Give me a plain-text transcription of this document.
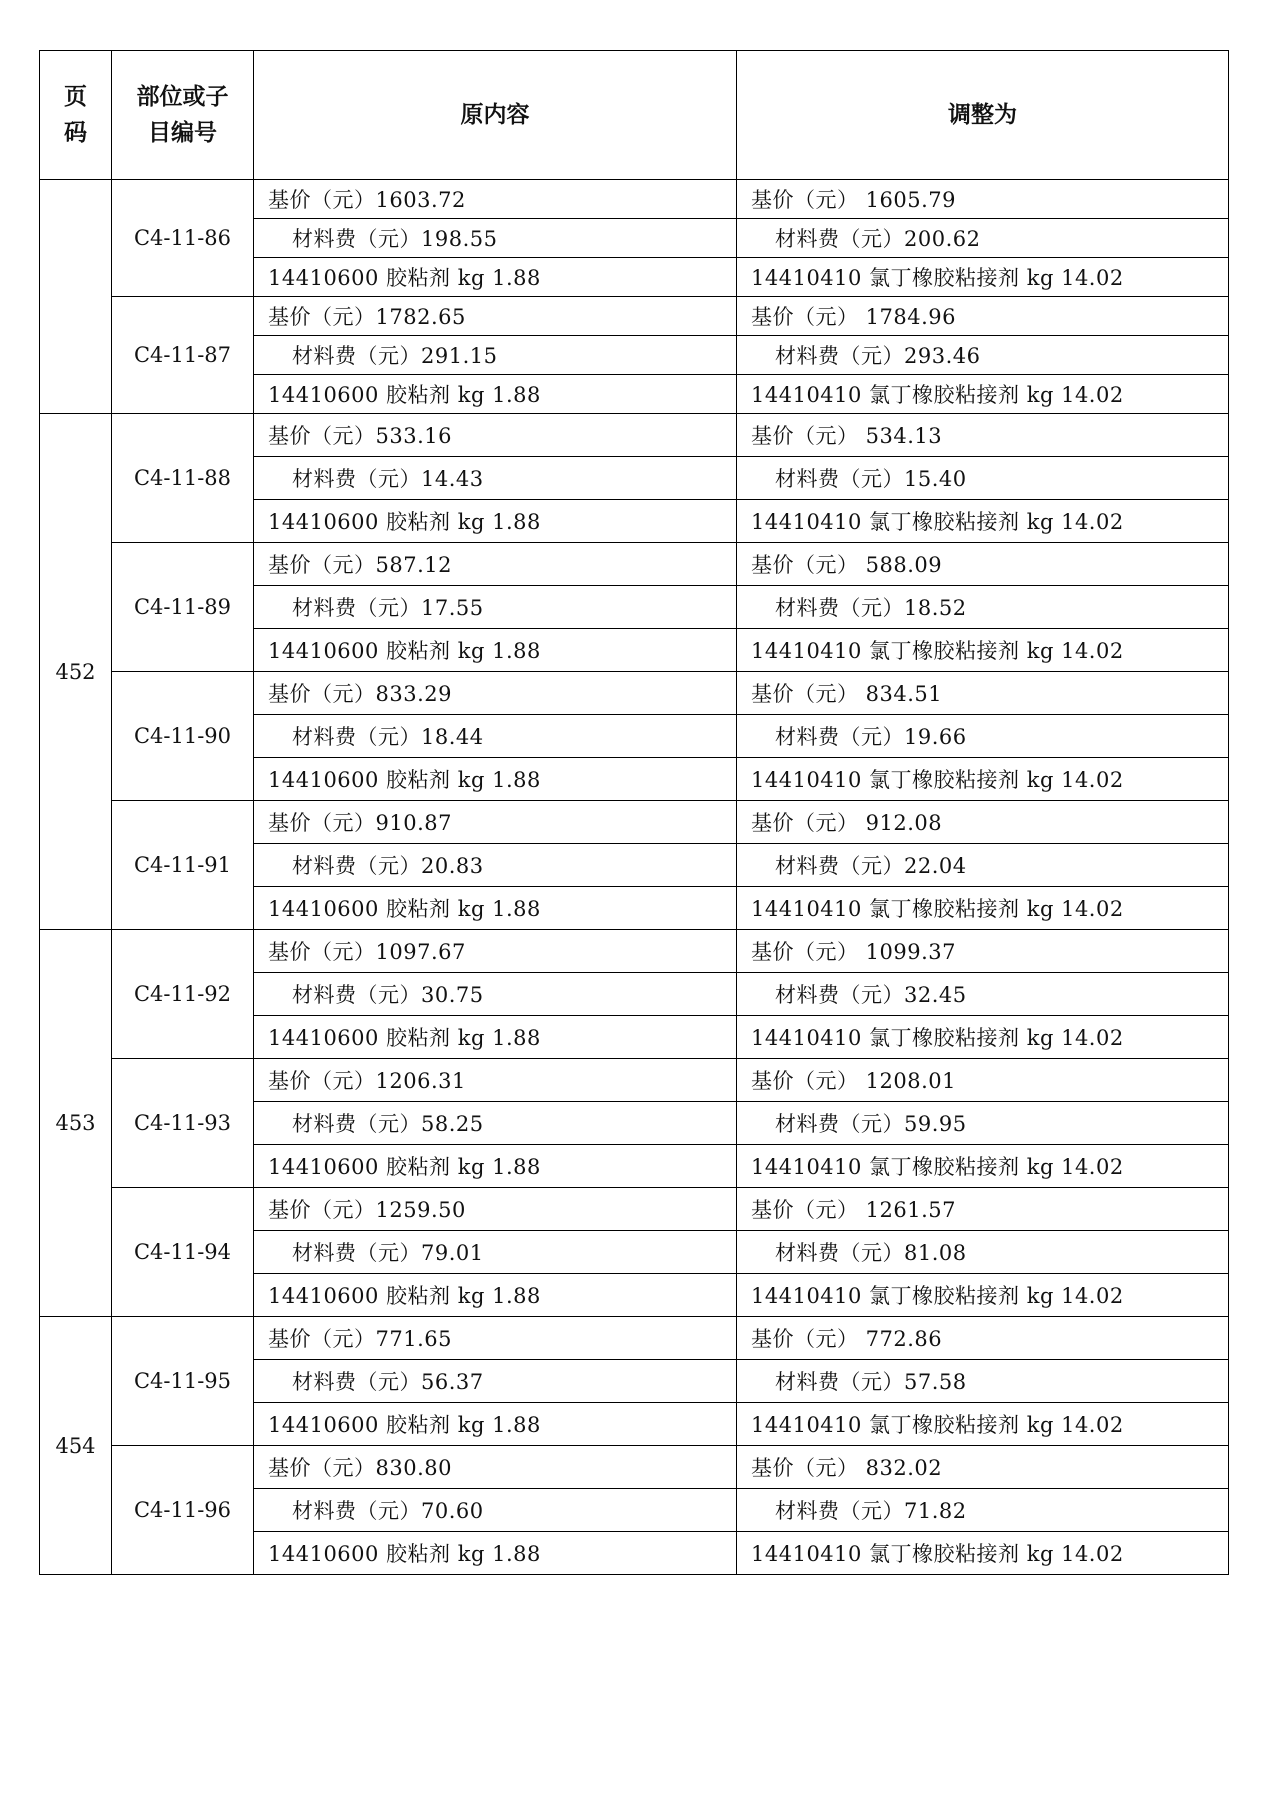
页码	部位或子目编号	原内容	调整为
	C4-11-86	基价（元）1603.72	基价（元） 1605.79
		材料费（元）198.55	材料费（元）200.62
		14410600 胶粘剂 kg 1.88	14410410 氯丁橡胶粘接剂 kg 14.02
	C4-11-87	基价（元）1782.65	基价（元） 1784.96
		材料费（元）291.15	材料费（元）293.46
		14410600 胶粘剂 kg 1.88	14410410 氯丁橡胶粘接剂 kg 14.02
452	C4-11-88	基价（元）533.16	基价（元） 534.13
		材料费（元）14.43	材料费（元）15.40
		14410600 胶粘剂 kg 1.88	14410410 氯丁橡胶粘接剂 kg 14.02
	C4-11-89	基价（元）587.12	基价（元） 588.09
		材料费（元）17.55	材料费（元）18.52
		14410600 胶粘剂 kg 1.88	14410410 氯丁橡胶粘接剂 kg 14.02
	C4-11-90	基价（元）833.29	基价（元） 834.51
		材料费（元）18.44	材料费（元）19.66
		14410600 胶粘剂 kg 1.88	14410410 氯丁橡胶粘接剂 kg 14.02
	C4-11-91	基价（元）910.87	基价（元） 912.08
		材料费（元）20.83	材料费（元）22.04
		14410600 胶粘剂 kg 1.88	14410410 氯丁橡胶粘接剂 kg 14.02
453	C4-11-92	基价（元）1097.67	基价（元） 1099.37
		材料费（元）30.75	材料费（元）32.45
		14410600 胶粘剂 kg 1.88	14410410 氯丁橡胶粘接剂 kg 14.02
	C4-11-93	基价（元）1206.31	基价（元） 1208.01
		材料费（元）58.25	材料费（元）59.95
		14410600 胶粘剂 kg 1.88	14410410 氯丁橡胶粘接剂 kg 14.02
	C4-11-94	基价（元）1259.50	基价（元） 1261.57
		材料费（元）79.01	材料费（元）81.08
		14410600 胶粘剂 kg 1.88	14410410 氯丁橡胶粘接剂 kg 14.02
454	C4-11-95	基价（元）771.65	基价（元） 772.86
		材料费（元）56.37	材料费（元）57.58
		14410600 胶粘剂 kg 1.88	14410410 氯丁橡胶粘接剂 kg 14.02
	C4-11-96	基价（元）830.80	基价（元） 832.02
		材料费（元）70.60	材料费（元）71.82
		14410600 胶粘剂 kg 1.88	14410410 氯丁橡胶粘接剂 kg 14.02
